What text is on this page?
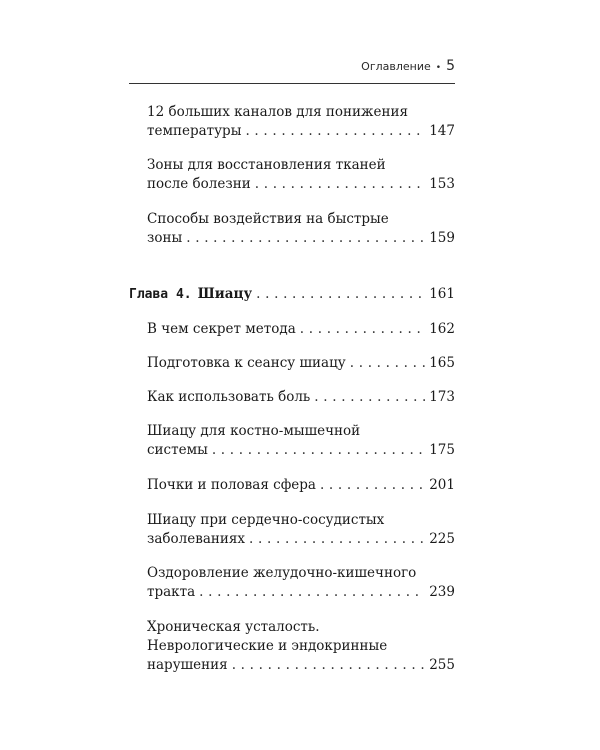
Оглавление • 5
12 больших каналов для понижения
температуры . . .	147
Зоны для восстановления тканей
после болезни . . .	153
Способы воздействия на быстрые
зоны . . .	159
Глава 4. Шиацу . . .	161
В чем секрет метода . . .	162
Подготовка к сеансу шиацу . . .	165
Как использовать боль . . .	173
Шиацу для костно-мышечной
системы . . .	175
Почки и половая сфера . . .	201
Шиацу при сердечно-сосудистых
заболеваниях . . .	225
Оздоровление желудочно-кишечного
тракта . . .	239
Хроническая усталость.
Неврологические и эндокринные
нарушения . . .	255
